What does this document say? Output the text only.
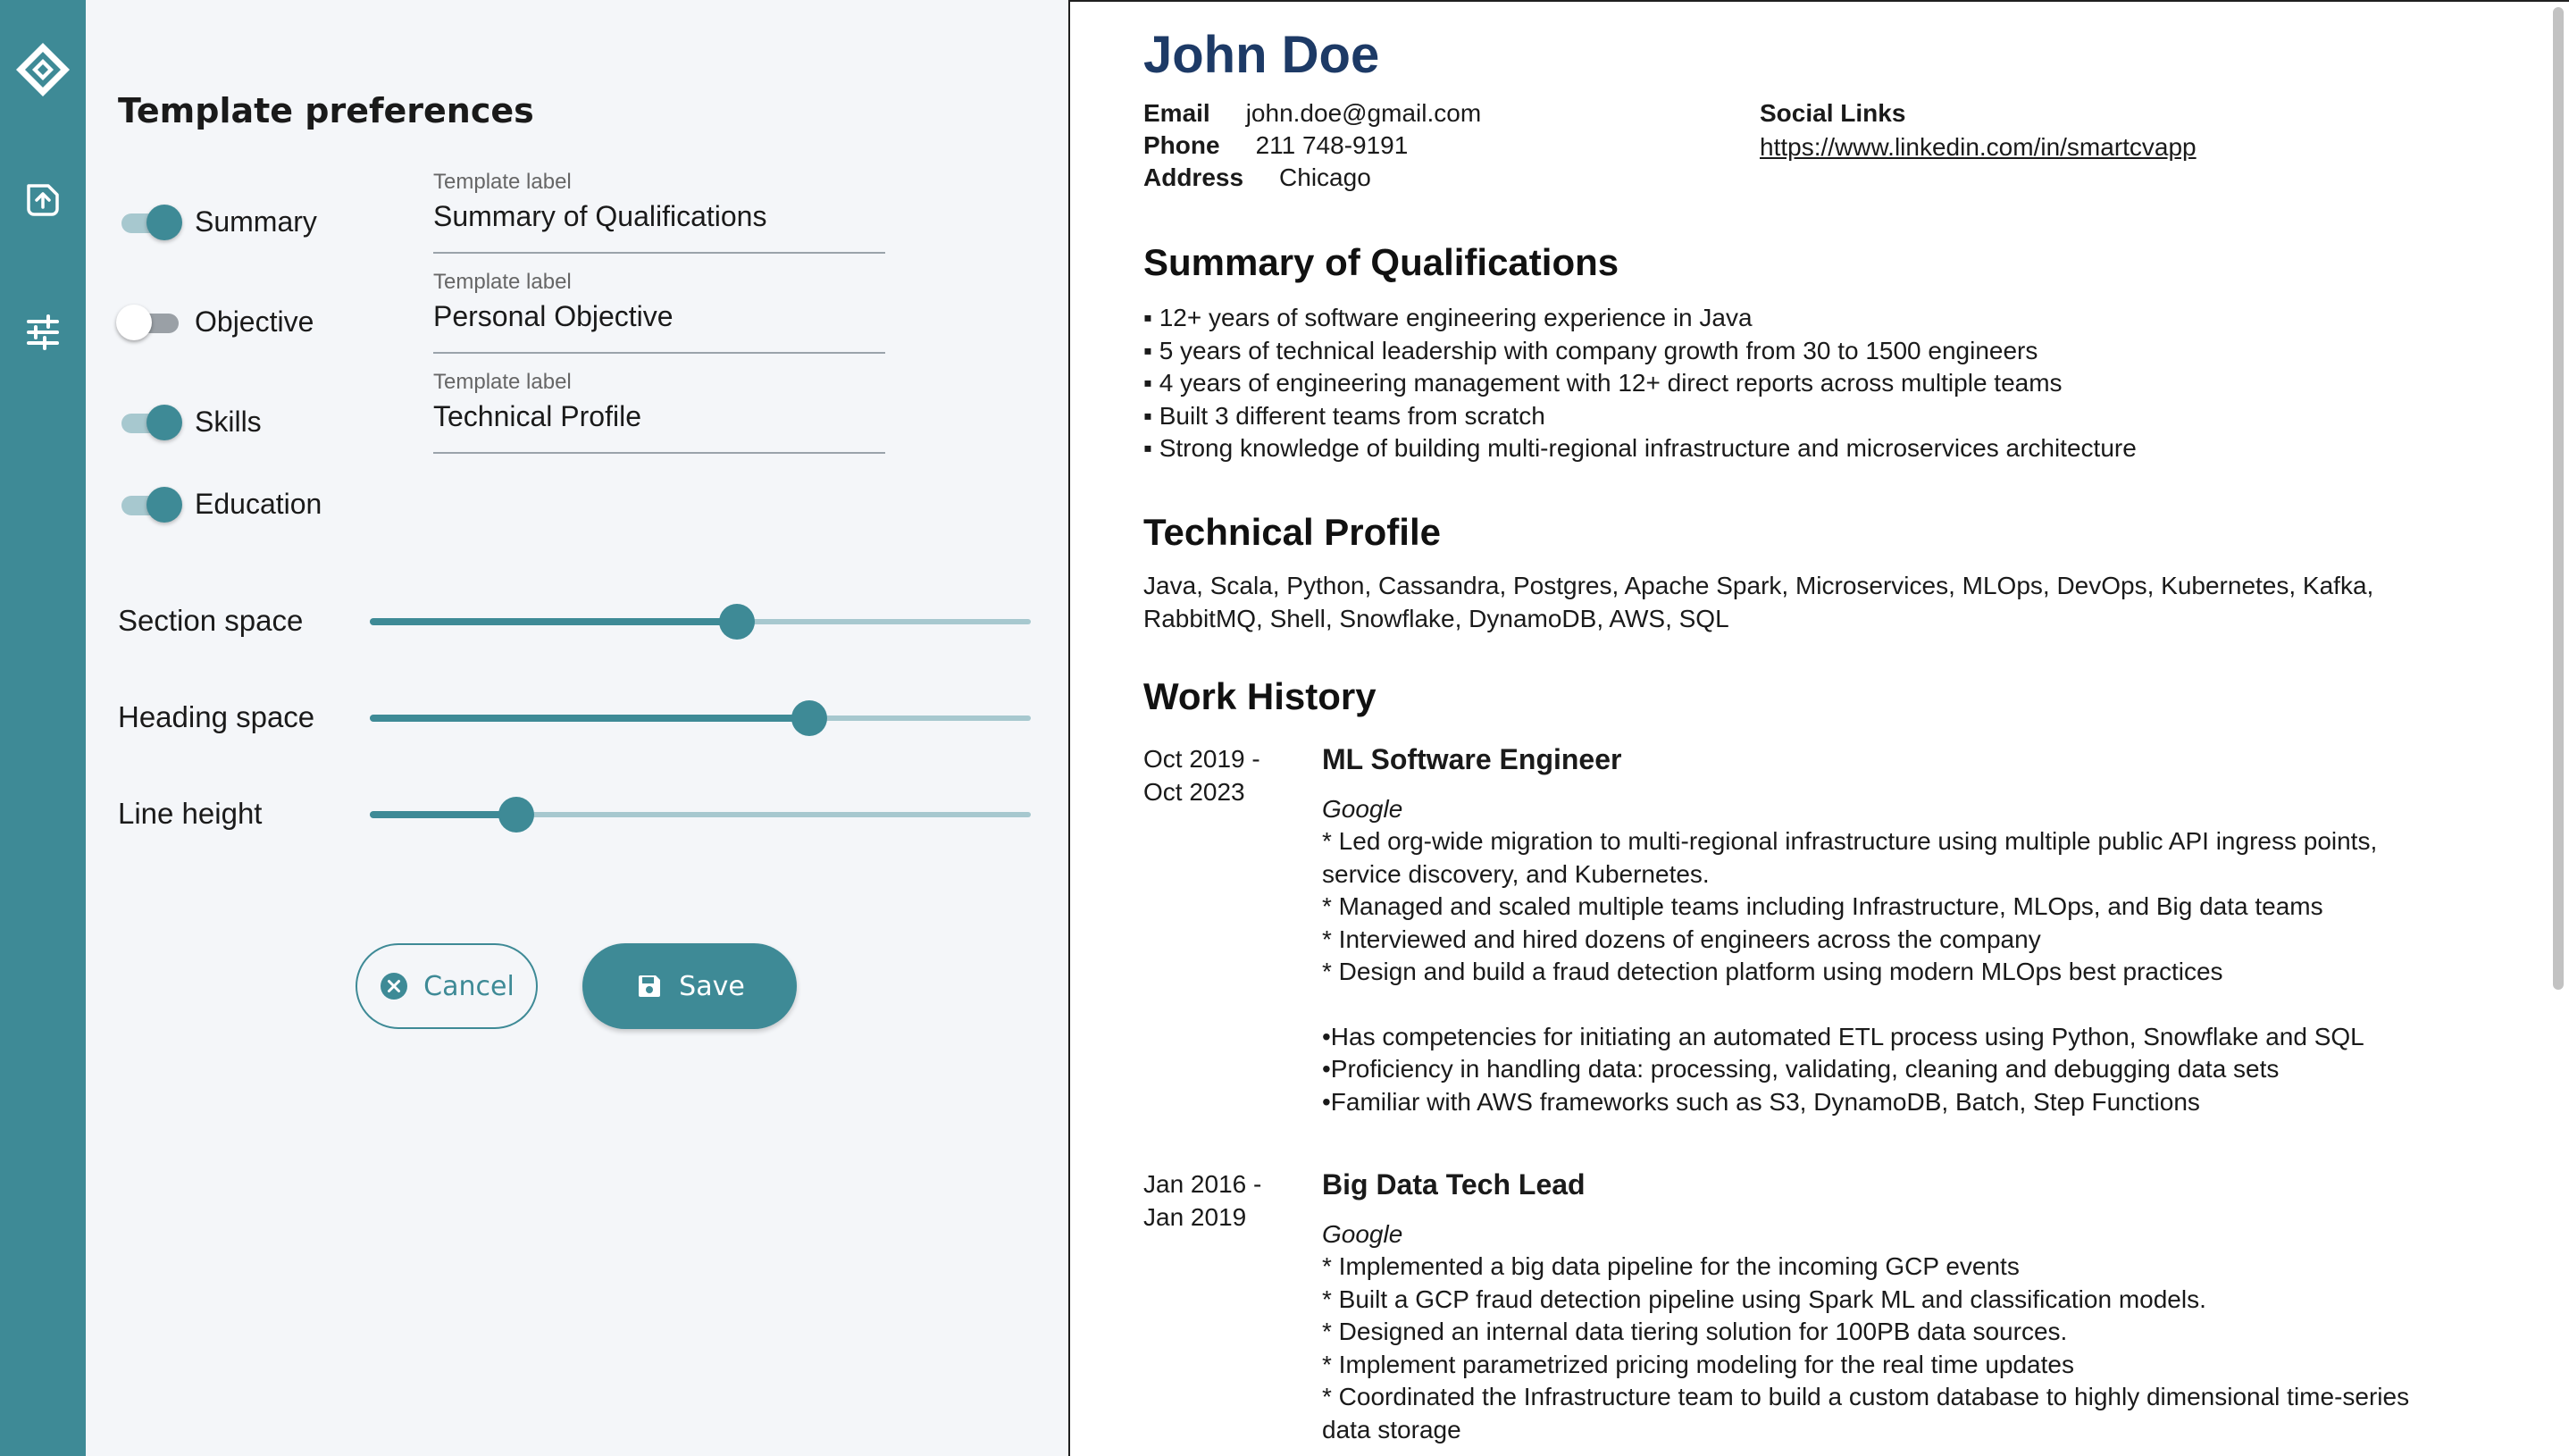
Template preferences
Summary
Template label
Summary of Qualifications
Objective
Template label
Personal Objective
Skills
Template label
Technical Profile
Education
Section space
Heading space
Line height
Cancel	Save
John Doe
Email john.doe@gmail.com
Phone 211 748-9191
Address Chicago
Social Links
https://www.linkedin.com/in/smartcvapp
Summary of Qualifications
▪ 12+ years of software engineering experience in Java
▪ 5 years of technical leadership with company growth from 30 to 1500 engineers
▪ 4 years of engineering management with 12+ direct reports across multiple teams
▪ Built 3 different teams from scratch
▪ Strong knowledge of building multi-regional infrastructure and microservices architecture
Technical Profile
Java, Scala, Python, Cassandra, Postgres, Apache Spark, Microservices, MLOps, DevOps, Kubernetes, Kafka,
RabbitMQ, Shell, Snowflake, DynamoDB, AWS, SQL
Work History
Oct 2019 -
Oct 2023
ML Software Engineer
Google
* Led org-wide migration to multi-regional infrastructure using multiple public API ingress points,
service discovery, and Kubernetes.
* Managed and scaled multiple teams including Infrastructure, MLOps, and Big data teams
* Interviewed and hired dozens of engineers across the company
* Design and build a fraud detection platform using modern MLOps best practices
•Has competencies for initiating an automated ETL process using Python, Snowflake and SQL
•Proficiency in handling data: processing, validating, cleaning and debugging data sets
•Familiar with AWS frameworks such as S3, DynamoDB, Batch, Step Functions
Jan 2016 -
Jan 2019
Big Data Tech Lead
Google
* Implemented a big data pipeline for the incoming GCP events
* Built a GCP fraud detection pipeline using Spark ML and classification models.
* Designed an internal data tiering solution for 100PB data sources.
* Implement parametrized pricing modeling for the real time updates
* Coordinated the Infrastructure team to build a custom database to highly dimensional time-series
data storage
